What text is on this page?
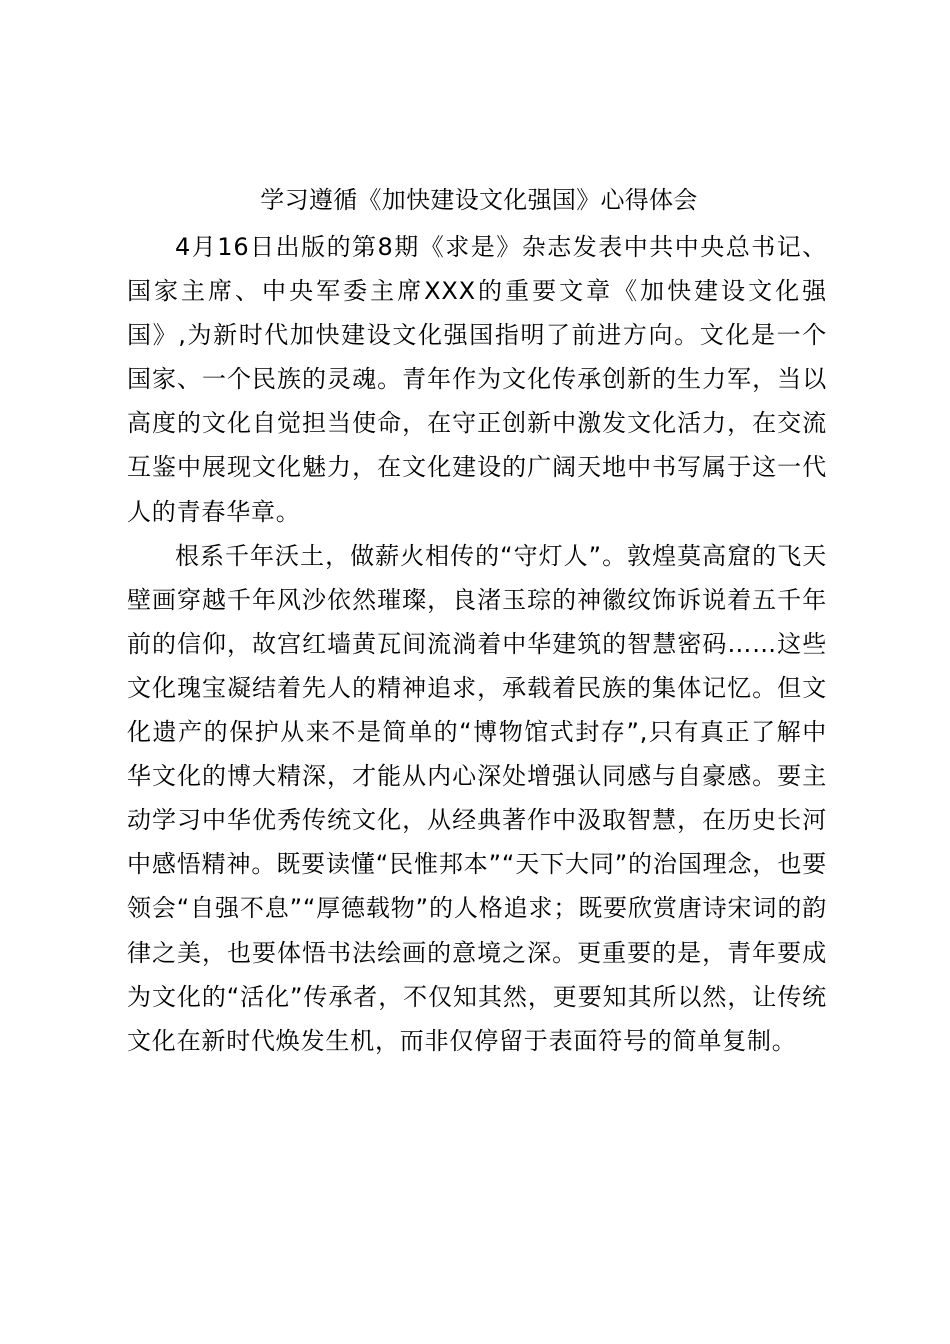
学习遵循《加快建设文化强国》心得体会

4月16日出版的第8期《求是》杂志发表中共中央总书记、国家主席、中央军委主席XXX的重要文章《加快建设文化强国》,为新时代加快建设文化强国指明了前进方向。文化是一个国家、一个民族的灵魂。青年作为文化传承创新的生力军，当以高度的文化自觉担当使命，在守正创新中激发文化活力，在交流互鉴中展现文化魅力，在文化建设的广阔天地中书写属于这一代人的青春华章。

根系千年沃土，做薪火相传的“守灯人”。敦煌莫高窟的飞天壁画穿越千年风沙依然璀璨，良渚玉琮的神徽纹饰诉说着五千年前的信仰，故宫红墙黄瓦间流淌着中华建筑的智慧密码……这些文化瑰宝凝结着先人的精神追求，承载着民族的集体记忆。但文化遗产的保护从来不是简单的“博物馆式封存”,只有真正了解中华文化的博大精深，才能从内心深处增强认同感与自豪感。要主动学习中华优秀传统文化，从经典著作中汲取智慧，在历史长河中感悟精神。既要读懂“民惟邦本”“天下大同”的治国理念，也要领会“自强不息”“厚德载物”的人格追求；既要欣赏唐诗宋词的韵律之美，也要体悟书法绘画的意境之深。更重要的是，青年要成为文化的“活化”传承者，不仅知其然，更要知其所以然，让传统文化在新时代焕发生机，而非仅停留于表面符号的简单复制。
